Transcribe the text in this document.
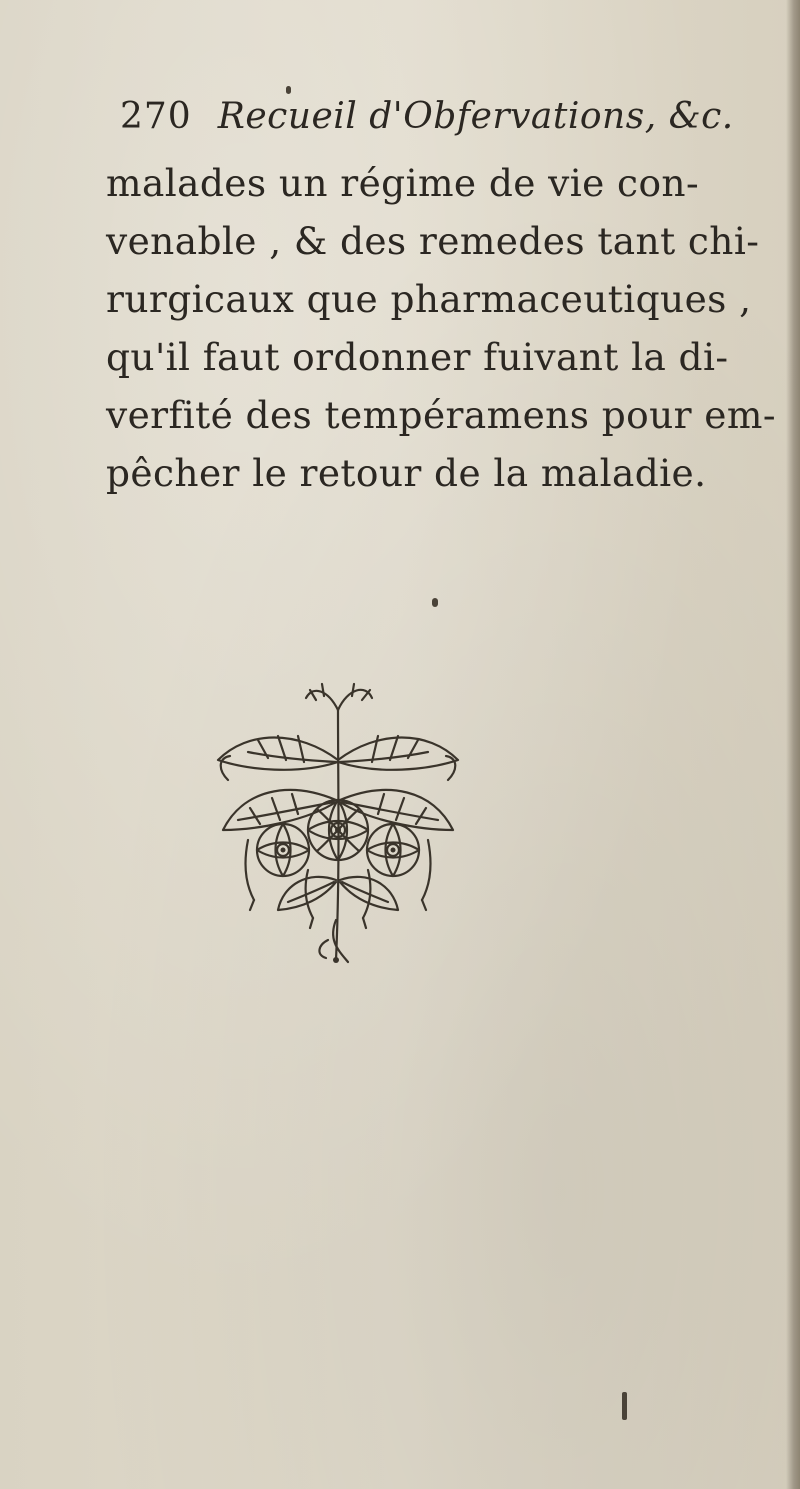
270 Recueil d'Obfervations, &c.
malades un régime de vie con-
venable , & des remedes tant chi-
rurgicaux que pharmaceutiques ,
qu'il faut ordonner fuivant la di-
verfité des tempéramens pour em-
pêcher le retour de la maladie.
